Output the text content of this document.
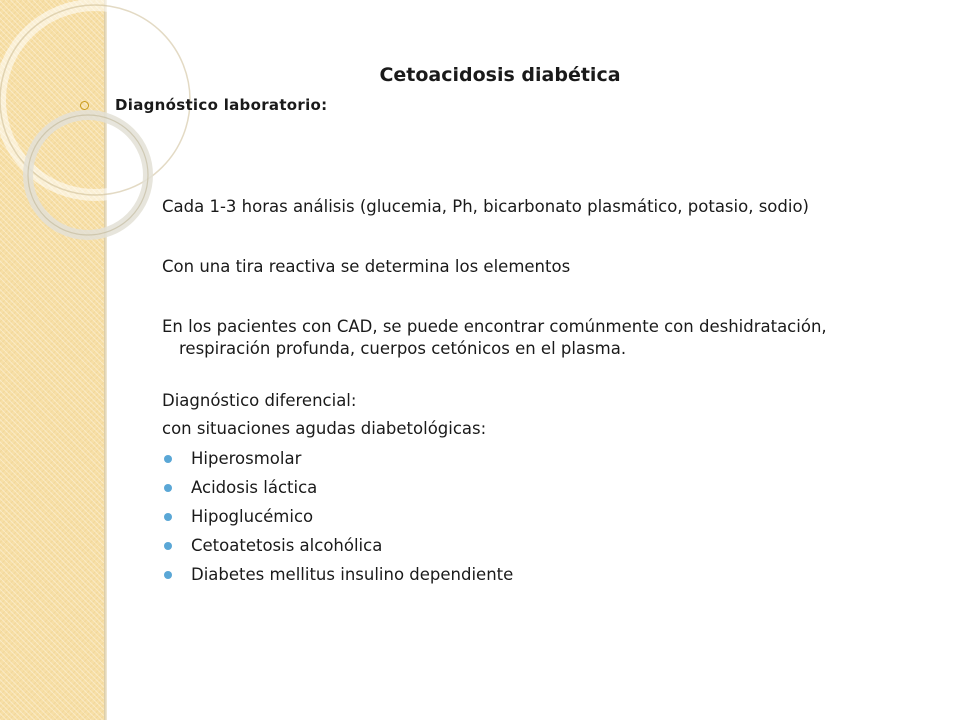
Cetoacidosis diabética
Diagnóstico laboratorio:

Cada 1-3 horas análisis (glucemia, Ph, bicarbonato plasmático, potasio, sodio)

Con una tira reactiva se determina los elementos

En los pacientes con CAD, se puede encontrar comúnmente con deshidratación,
respiración profunda, cuerpos cetónicos en el plasma.

Diagnóstico diferencial:

con situaciones agudas diabetológicas:

Hiperosmolar
Acidosis láctica
Hipoglucémico
Cetoatetosis alcohólica
Diabetes mellitus insulino dependiente
